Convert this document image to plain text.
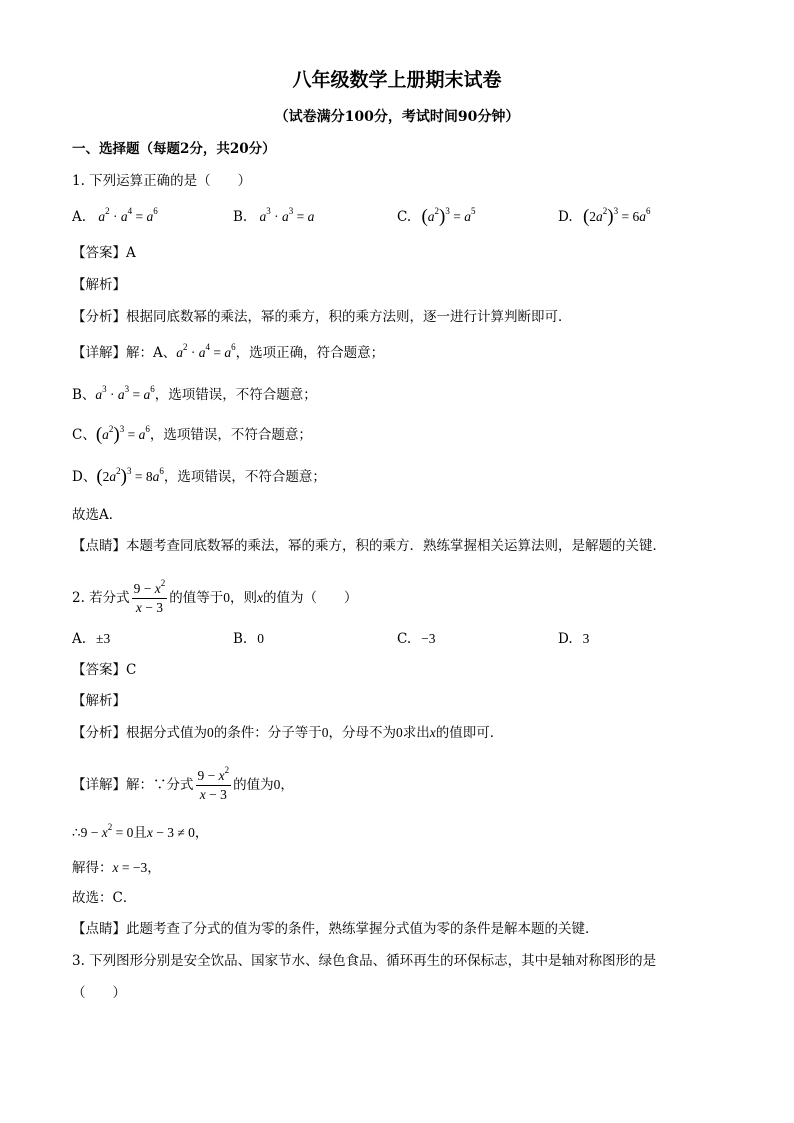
八年级数学上册期末试卷
（试卷满分100分，考试时间90分钟）
一、选择题（每题2分，共20分）
1. 下列运算正确的是（　　）
A. $a^2 \cdot a^4 = a^6$	B. $a^3 \cdot a^3 = a$	C. $(a^2)^3 = a^5$	D. $(2a^2)^3 = 6a^6$
【答案】A
【解析】
【分析】根据同底数幂的乘法，幂的乘方，积的乘方法则，逐一进行计算判断即可．
【详解】解：A、$a^2 \cdot a^4 = a^6$，选项正确，符合题意；
B、$a^3 \cdot a^3 = a^6$，选项错误，不符合题意；
C、$(a^2)^3 = a^6$，选项错误，不符合题意；
D、$(2a^2)^3 = 8a^6$，选项错误，不符合题意；
故选A．
【点睛】本题考查同底数幂的乘法，幂的乘方，积的乘方．熟练掌握相关运算法则，是解题的关键．
2. 若分式 $\frac{9 - x^2}{x - 3}$ 的值等于0，则x的值为（　　）
A. ±3	B. 0	C. −3	D. 3
【答案】C
【解析】
【分析】根据分式值为0的条件：分子等于0，分母不为0求出x的值即可．
【详解】解：∵分式 $\frac{9 - x^2}{x - 3}$ 的值为0，
∴9 − $x^2 = 0$且x − 3 ≠ 0，
解得：x = −3，
故选：C．
【点睛】此题考查了分式的值为零的条件，熟练掌握分式值为零的条件是解本题的关键．
3. 下列图形分别是安全饮品、国家节水、绿色食品、循环再生的环保标志，其中是轴对称图形的是
（　　）
